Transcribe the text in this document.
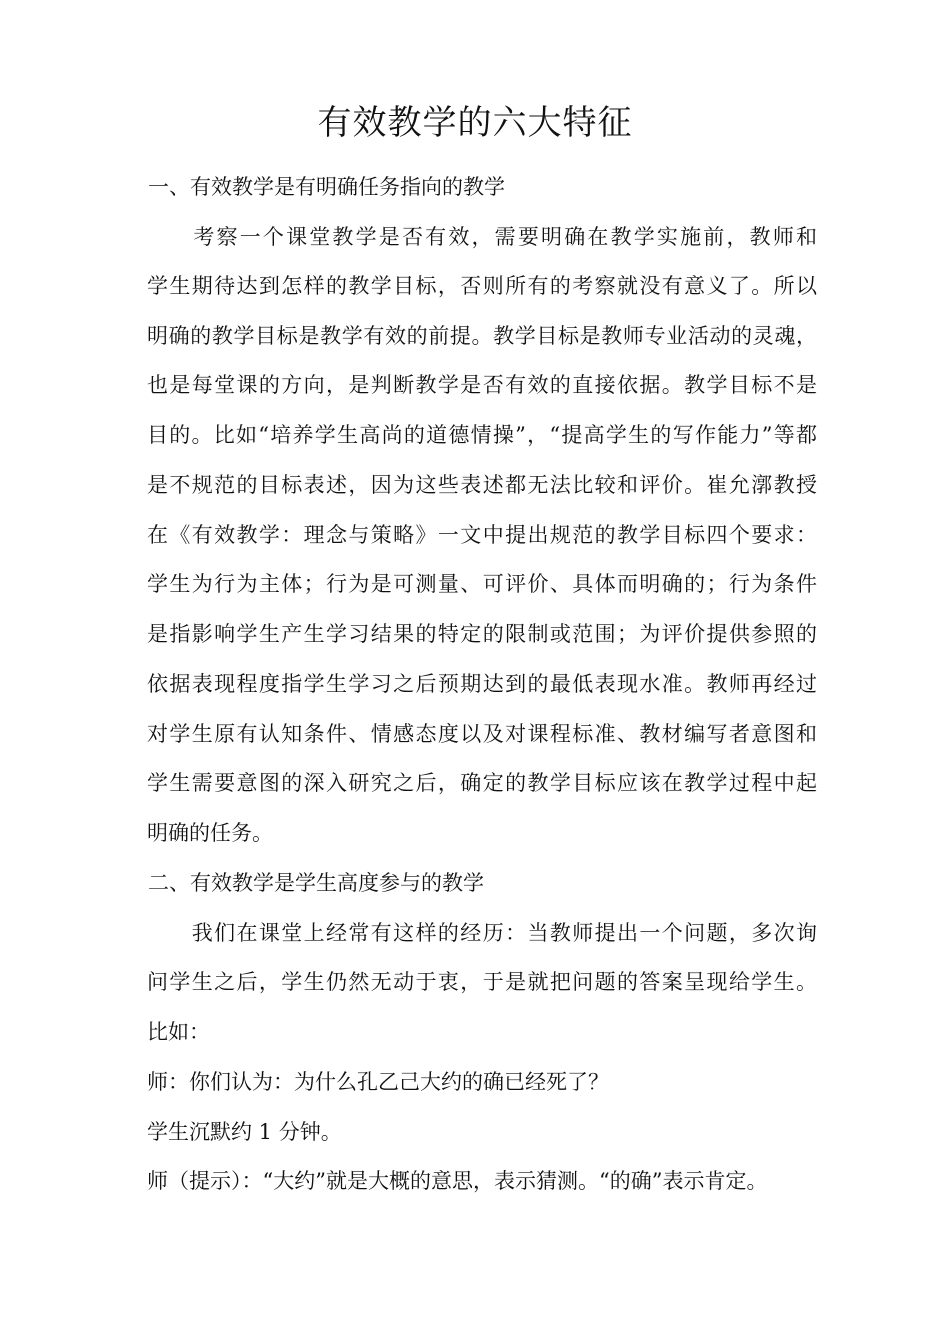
有效教学的六大特征

一、有效教学是有明确任务指向的教学

　　考察一个课堂教学是否有效，需要明确在教学实施前，教师和

学生期待达到怎样的教学目标，否则所有的考察就没有意义了。所以

明确的教学目标是教学有效的前提。教学目标是教师专业活动的灵魂，

也是每堂课的方向，是判断教学是否有效的直接依据。教学目标不是

目的。比如“培养学生高尚的道德情操”，“提高学生的写作能力”等都

是不规范的目标表述，因为这些表述都无法比较和评价。崔允漷教授

在《有效教学：理念与策略》一文中提出规范的教学目标四个要求：

学生为行为主体；行为是可测量、可评价、具体而明确的；行为条件

是指影响学生产生学习结果的特定的限制或范围；为评价提供参照的

依据表现程度指学生学习之后预期达到的最低表现水准。教师再经过

对学生原有认知条件、情感态度以及对课程标准、教材编写者意图和

学生需要意图的深入研究之后，确定的教学目标应该在教学过程中起

明确的任务。

二、有效教学是学生高度参与的教学

　　我们在课堂上经常有这样的经历：当教师提出一个问题，多次询

问学生之后，学生仍然无动于衷，于是就把问题的答案呈现给学生。

比如：

师：你们认为：为什么孔乙己大约的确已经死了？

学生沉默约 1 分钟。

师（提示）：“大约”就是大概的意思，表示猜测。“的确”表示肯定。
